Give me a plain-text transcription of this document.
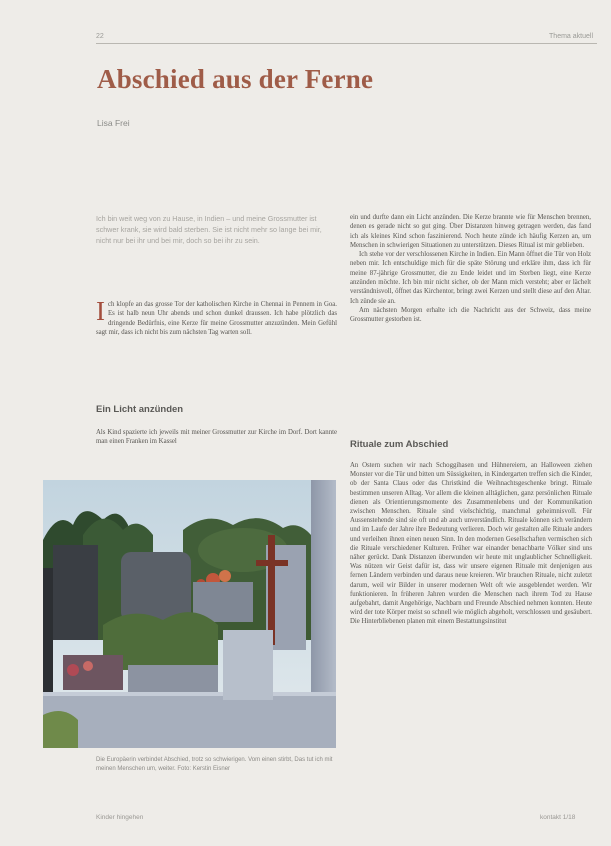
22	Thema aktuell
Abschied aus der Ferne
Lisa Frei
Ich bin weit weg von zu Hause, in Indien – und meine Grossmutter ist schwer krank, sie wird bald sterben. Sie ist nicht mehr so lange bei mir, nicht nur bei ihr und bei mir, doch so bei ihr zu sein.
Ich klopfe an das grosse Tor der katholischen Kirche in Chennai in Pennem in Goa. Es ist halb neun Uhr abends und schon dunkel draussen. Ich habe plötzlich das dringende Bedürfnis, eine Kerze für meine Grossmutter anzuzünden. Mein Gefühl sagt mir, dass ich nicht bis zum nächsten Tag warten soll.
Ein Licht anzünden

Als Kind spazierte ich jeweils mit meiner Grossmutter zur Kirche im Dorf. Dort kannte man einen Franken im Kassel

ein und durfte dann ein Licht anzünden. Die Kerze brannte wie für Menschen brennen, denen es gerade nicht so gut ging. Über Distanzen hinweg getragen werden, das fand ich als kleines Kind schon faszinierend. Noch heute zünde ich häufig Kerzen an, um Menschen in schwierigen Situationen zu unterstützen. Dieses Ritual ist mir geblieben.

Ich stehe vor der verschlossenen Kirche in Indien. Ein Mann öffnet die Tür von Holz neben mir. Ich entschuldige mich für die späte Störung und erkläre ihm, dass ich für meine 87-jährige Grossmutter, die zu Ende leidet und im Sterben liegt, eine Kerze anzünden möchte. Ich bin mir nicht sicher, ob der Mann mich versteht; aber er lächelt verständnisvoll, öffnet das Kirchentor, bringt zwei Kerzen und stellt diese auf den Altar. Ich zünde sie an.

Am nächsten Morgen erhalte ich die Nachricht aus der Schweiz, dass meine Grossmutter gestorben ist.

Rituale zum Abschied

An Ostern suchen wir nach Schoggihasen und Hühnereiern, an Halloween ziehen Monster vor die Tür und bitten um Süssigkeiten, in Kindergarten treffen sich die Kinder, ob der Santa Claus oder das Christkind die Weihnachtsgeschenke bringt. Rituale bestimmen unseren Alltag. Vor allem die kleinen alltäglichen, ganz persönlichen Rituale dienen als Orientierungsmomente des Zusammenlebens und der Kommunikation zwischen Menschen. Rituale sind vielschichtig, manchmal geheimnisvoll. Für Aussenstehende sind sie oft und ab auch unverständlich. Rituale können sich verändern und im Laufe der Jahre ihre Bedeutung verlieren. Doch wir gestalten alle Rituale anders und verleihen ihnen einen neuen Sinn. In den modernen Gesellschaften vermischen sich die Rituale verschiedener Kulturen. Früher war einander benachbarte Völker sind uns näher gerückt. Dank Distanzen überwunden wir heute mit unglaublicher Schnelligkeit. Was nützen wir Geist dafür ist, dass wir unsere eigenen Rituale mit denjenigen aus fernen Ländern verbinden und daraus neue kreieren. Wir brauchen Rituale, nicht zuletzt darum, weil wir Bilder in unserer modernen Welt oft wie ausgeblendet werden. Wir funktionieren. In früheren Jahren wurden die Menschen nach ihrem Tod zu Hause aufgebahrt, damit Angehörige, Nachbarn und Freunde Abschied nehmen konnten. Heute wird der tote Körper meist so schnell wie möglich abgeholt, verschlossen und gesäubert. Die Hinterbliebenen planen mit einem Bestattungsinstitut

Die Europäerin verbindet Abschied, trotz so schwierigen. Vom einen stirbt, Das tut ich mit meinen Menschen um, weiter. Foto: Kerstin Eisner
Kinder hingehen	kontakt 1/18
